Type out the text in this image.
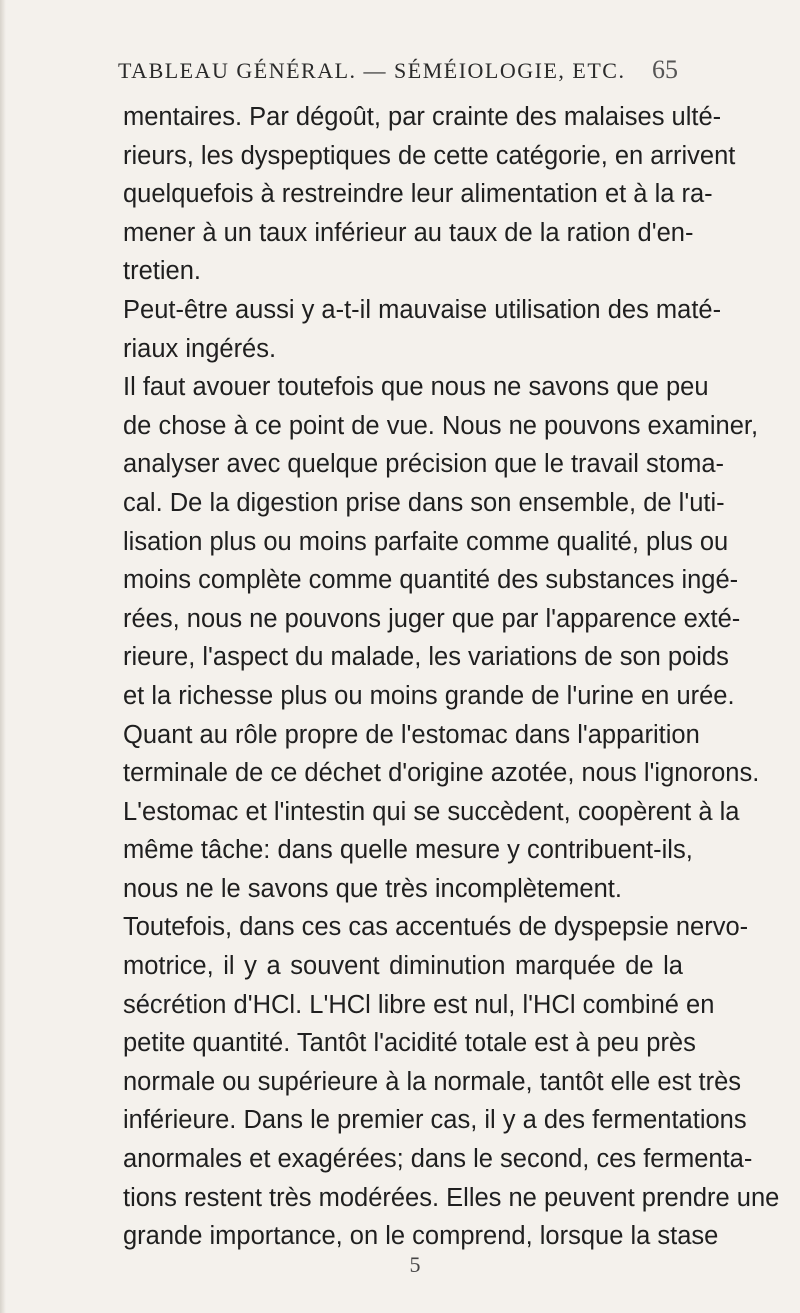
TABLEAU GÉNÉRAL. — SÉMÉIOLOGIE, ETC. 65
mentaires. Par dégoût, par crainte des malaises ulté-
rieurs, les dyspeptiques de cette catégorie, en arrivent
quelquefois à restreindre leur alimentation et à la ra-
mener à un taux inférieur au taux de la ration d'en-
tretien.
Peut-être aussi y a-t-il mauvaise utilisation des maté-
riaux ingérés.
Il faut avouer toutefois que nous ne savons que peu
de chose à ce point de vue. Nous ne pouvons examiner,
analyser avec quelque précision que le travail stoma-
cal. De la digestion prise dans son ensemble, de l'uti-
lisation plus ou moins parfaite comme qualité, plus ou
moins complète comme quantité des substances ingé-
rées, nous ne pouvons juger que par l'apparence exté-
rieure, l'aspect du malade, les variations de son poids
et la richesse plus ou moins grande de l'urine en urée.
Quant au rôle propre de l'estomac dans l'apparition
terminale de ce déchet d'origine azotée, nous l'ignorons.
L'estomac et l'intestin qui se succèdent, coopèrent à la
même tâche: dans quelle mesure y contribuent-ils,
nous ne le savons que très incomplètement.
Toutefois, dans ces cas accentués de dyspepsie nervo-
motrice, il y a souvent diminution marquée de la
sécrétion d'HCl. L'HCl libre est nul, l'HCl combiné en
petite quantité. Tantôt l'acidité totale est à peu près
normale ou supérieure à la normale, tantôt elle est très
inférieure. Dans le premier cas, il y a des fermentations
anormales et exagérées; dans le second, ces fermenta-
tions restent très modérées. Elles ne peuvent prendre une
grande importance, on le comprend, lorsque la stase
5
